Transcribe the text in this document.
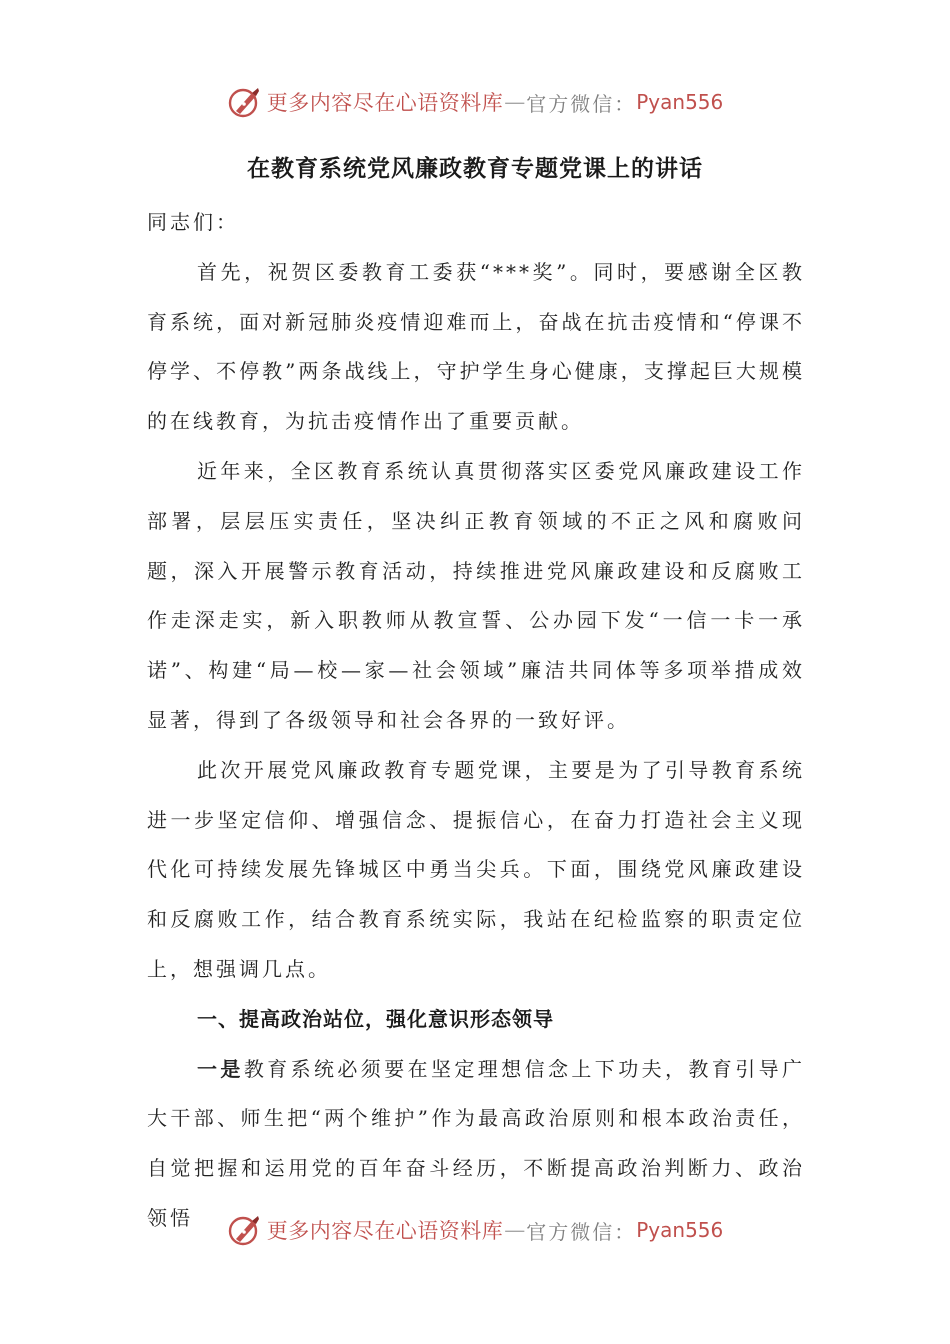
更多内容尽在心语资料库 — 官方微信： Pyan556
在教育系统党风廉政教育专题党课上的讲话

同志们：

首先，祝贺区委教育工委获“***奖”。同时，要感谢全区教育系统，面对新冠肺炎疫情迎难而上，奋战在抗击疫情和“停课不停学、不停教”两条战线上，守护学生身心健康，支撑起巨大规模的在线教育，为抗击疫情作出了重要贡献。

近年来，全区教育系统认真贯彻落实区委党风廉政建设工作部署，层层压实责任，坚决纠正教育领域的不正之风和腐败问题，深入开展警示教育活动，持续推进党风廉政建设和反腐败工作走深走实，新入职教师从教宣誓、公办园下发“一信一卡一承诺”、构建“局—校—家—社会领域”廉洁共同体等多项举措成效显著，得到了各级领导和社会各界的一致好评。

此次开展党风廉政教育专题党课，主要是为了引导教育系统进一步坚定信仰、增强信念、提振信心，在奋力打造社会主义现代化可持续发展先锋城区中勇当尖兵。下面，围绕党风廉政建设和反腐败工作，结合教育系统实际，我站在纪检监察的职责定位上，想强调几点。

一、提高政治站位，强化意识形态领导

一是教育系统必须要在坚定理想信念上下功夫，教育引导广大干部、师生把“两个维护”作为最高政治原则和根本政治责任，自觉把握和运用党的百年奋斗经历，不断提高政治判断力、政治领悟

更多内容尽在心语资料库 — 官方微信： Pyan556
